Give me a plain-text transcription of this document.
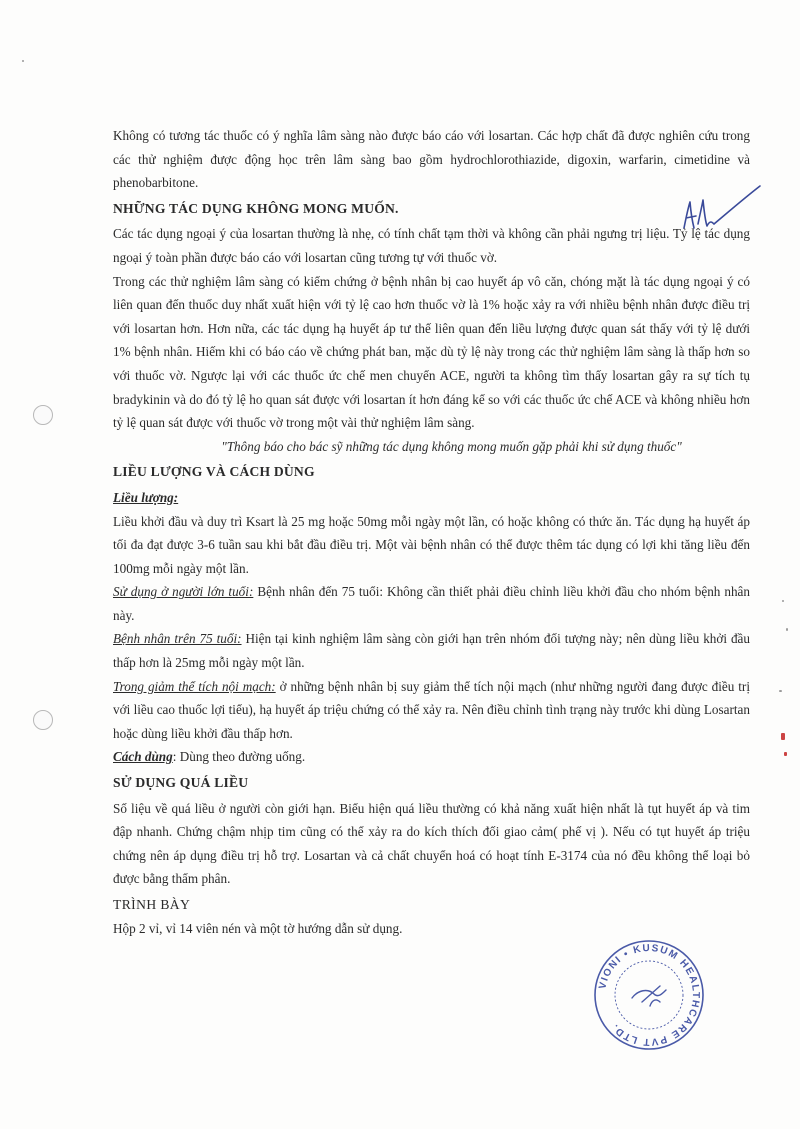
VIONI • KUSUM HEALTHCARE PVT LTD.

Không có tương tác thuốc có ý nghĩa lâm sàng nào được báo cáo với losartan. Các hợp chất đã được nghiên cứu trong các thử nghiệm được động học trên lâm sàng bao gồm hydrochlorothiazide, digoxin, warfarin, cimetidine và phenobarbitone.

NHỮNG TÁC DỤNG KHÔNG MONG MUỐN.

Các tác dụng ngoại ý của losartan thường là nhẹ, có tính chất tạm thời và không cần phải ngưng trị liệu. Tỷ lệ tác dụng ngoại ý toàn phần được báo cáo với losartan cũng tương tự với thuốc vờ.

Trong các thử nghiệm lâm sàng có kiểm chứng ở bệnh nhân bị cao huyết áp vô căn, chóng mặt là tác dụng ngoại ý có liên quan đến thuốc duy nhất xuất hiện với tỷ lệ cao hơn thuốc vờ là 1% hoặc xảy ra với nhiều bệnh nhân được điều trị với losartan hơn. Hơn nữa, các tác dụng hạ huyết áp tư thế liên quan đến liều lượng được quan sát thấy với tỷ lệ dưới 1% bệnh nhân. Hiếm khi có báo cáo về chứng phát ban, mặc dù tỷ lệ này trong các thử nghiệm lâm sàng là thấp hơn so với thuốc vờ. Ngược lại với các thuốc ức chế men chuyển ACE, người ta không tìm thấy losartan gây ra sự tích tụ bradykinin và do đó tỷ lệ ho quan sát được với losartan ít hơn đáng kể so với các thuốc ức chế ACE và không nhiều hơn tỷ lệ quan sát được với thuốc vờ trong một vài thử nghiệm lâm sàng.

"Thông báo cho bác sỹ những tác dụng không mong muốn gặp phải khi sử dụng thuốc"

LIỀU LƯỢNG VÀ CÁCH DÙNG

Liều lượng:

Liều khởi đầu và duy trì Ksart là 25 mg hoặc 50mg mỗi ngày một lần, có hoặc không có thức ăn. Tác dụng hạ huyết áp tối đa đạt được 3-6 tuần sau khi bắt đầu điều trị. Một vài bệnh nhân có thể được thêm tác dụng có lợi khi tăng liều đến 100mg mỗi ngày một lần.

Sử dụng ở người lớn tuổi: Bệnh nhân đến 75 tuổi: Không cần thiết phải điều chỉnh liều khởi đầu cho nhóm bệnh nhân này.

Bệnh nhân trên 75 tuổi: Hiện tại kinh nghiệm lâm sàng còn giới hạn trên nhóm đối tượng này; nên dùng liều khởi đầu thấp hơn là 25mg mỗi ngày một lần.

Trong giảm thể tích nội mạch: ở những bệnh nhân bị suy giảm thể tích nội mạch (như những người đang được điều trị với liều cao thuốc lợi tiểu), hạ huyết áp triệu chứng có thể xảy ra. Nên điều chỉnh tình trạng này trước khi dùng Losartan hoặc dùng liều khởi đầu thấp hơn.

Cách dùng: Dùng theo đường uống.

SỬ DỤNG QUÁ LIỀU

Số liệu về quá liều ở người còn giới hạn. Biểu hiện quá liều thường có khả năng xuất hiện nhất là tụt huyết áp và tim đập nhanh. Chứng chậm nhịp tim cũng có thể xảy ra do kích thích đối giao cảm( phế vị ). Nếu có tụt huyết áp triệu chứng nên áp dụng điều trị hỗ trợ. Losartan và cả chất chuyển hoá có hoạt tính E-3174 của nó đều không thể loại bỏ được bằng thẩm phân.

TRÌNH BÀY

Hộp 2 vỉ, vỉ 14 viên nén và một tờ hướng dẫn sử dụng.
